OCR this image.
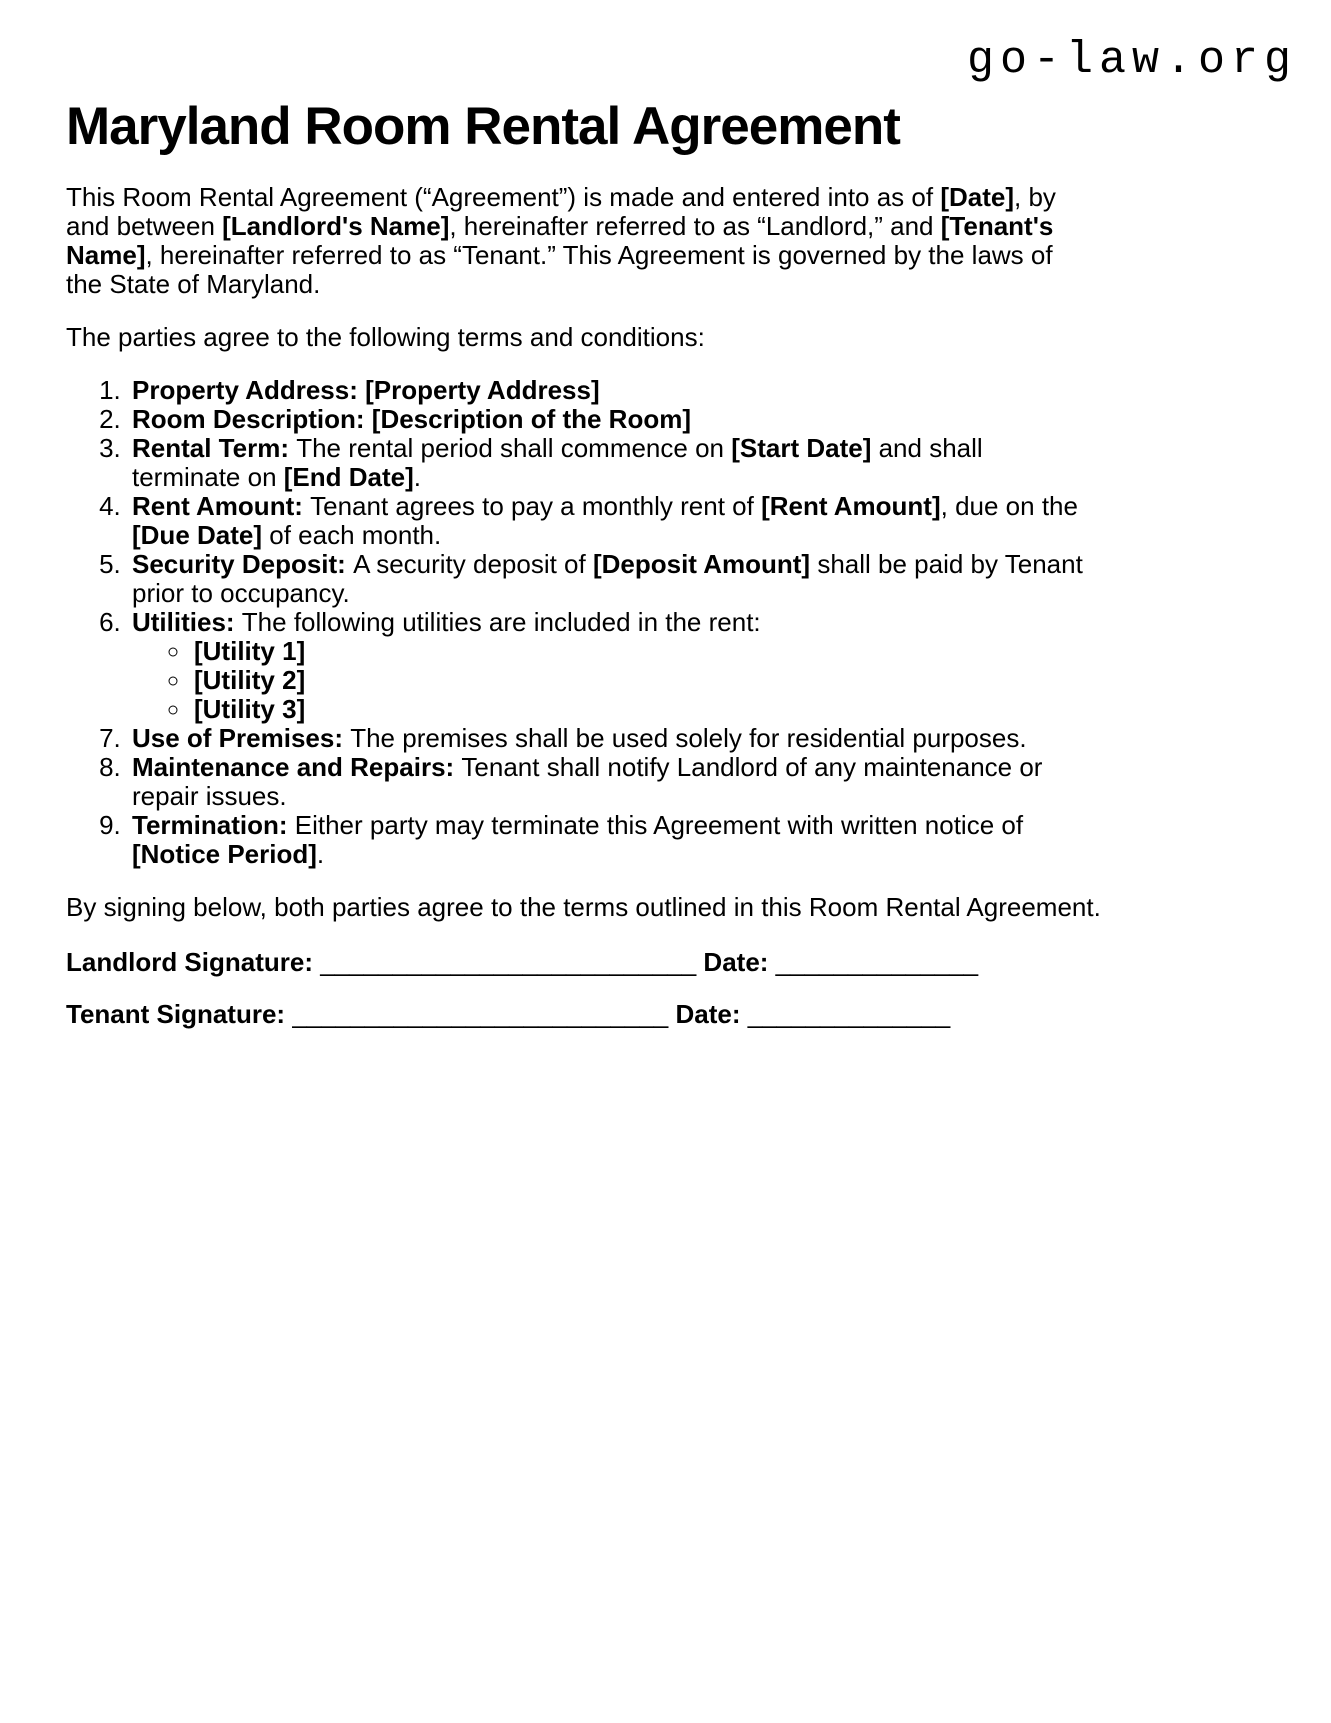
go-law.org
Maryland Room Rental Agreement

This Room Rental Agreement (“Agreement”) is made and entered into as of [Date], by
and between [Landlord's Name], hereinafter referred to as “Landlord,” and [Tenant's
Name], hereinafter referred to as “Tenant.” This Agreement is governed by the laws of
the State of Maryland.

The parties agree to the following terms and conditions:

1. Property Address: [Property Address]
2. Room Description: [Description of the Room]
3. Rental Term: The rental period shall commence on [Start Date] and shall
terminate on [End Date].
4. Rent Amount: Tenant agrees to pay a monthly rent of [Rent Amount], due on the
[Due Date] of each month.
5. Security Deposit: A security deposit of [Deposit Amount] shall be paid by Tenant
prior to occupancy.
6. Utilities: The following utilities are included in the rent:
◦ [Utility 1]
◦ [Utility 2]
◦ [Utility 3]
7. Use of Premises: The premises shall be used solely for residential purposes.
8. Maintenance and Repairs: Tenant shall notify Landlord of any maintenance or
repair issues.
9. Termination: Either party may terminate this Agreement with written notice of
[Notice Period].

By signing below, both parties agree to the terms outlined in this Room Rental Agreement.

Landlord Signature: __________________________ Date: ______________

Tenant Signature: __________________________ Date: ______________
